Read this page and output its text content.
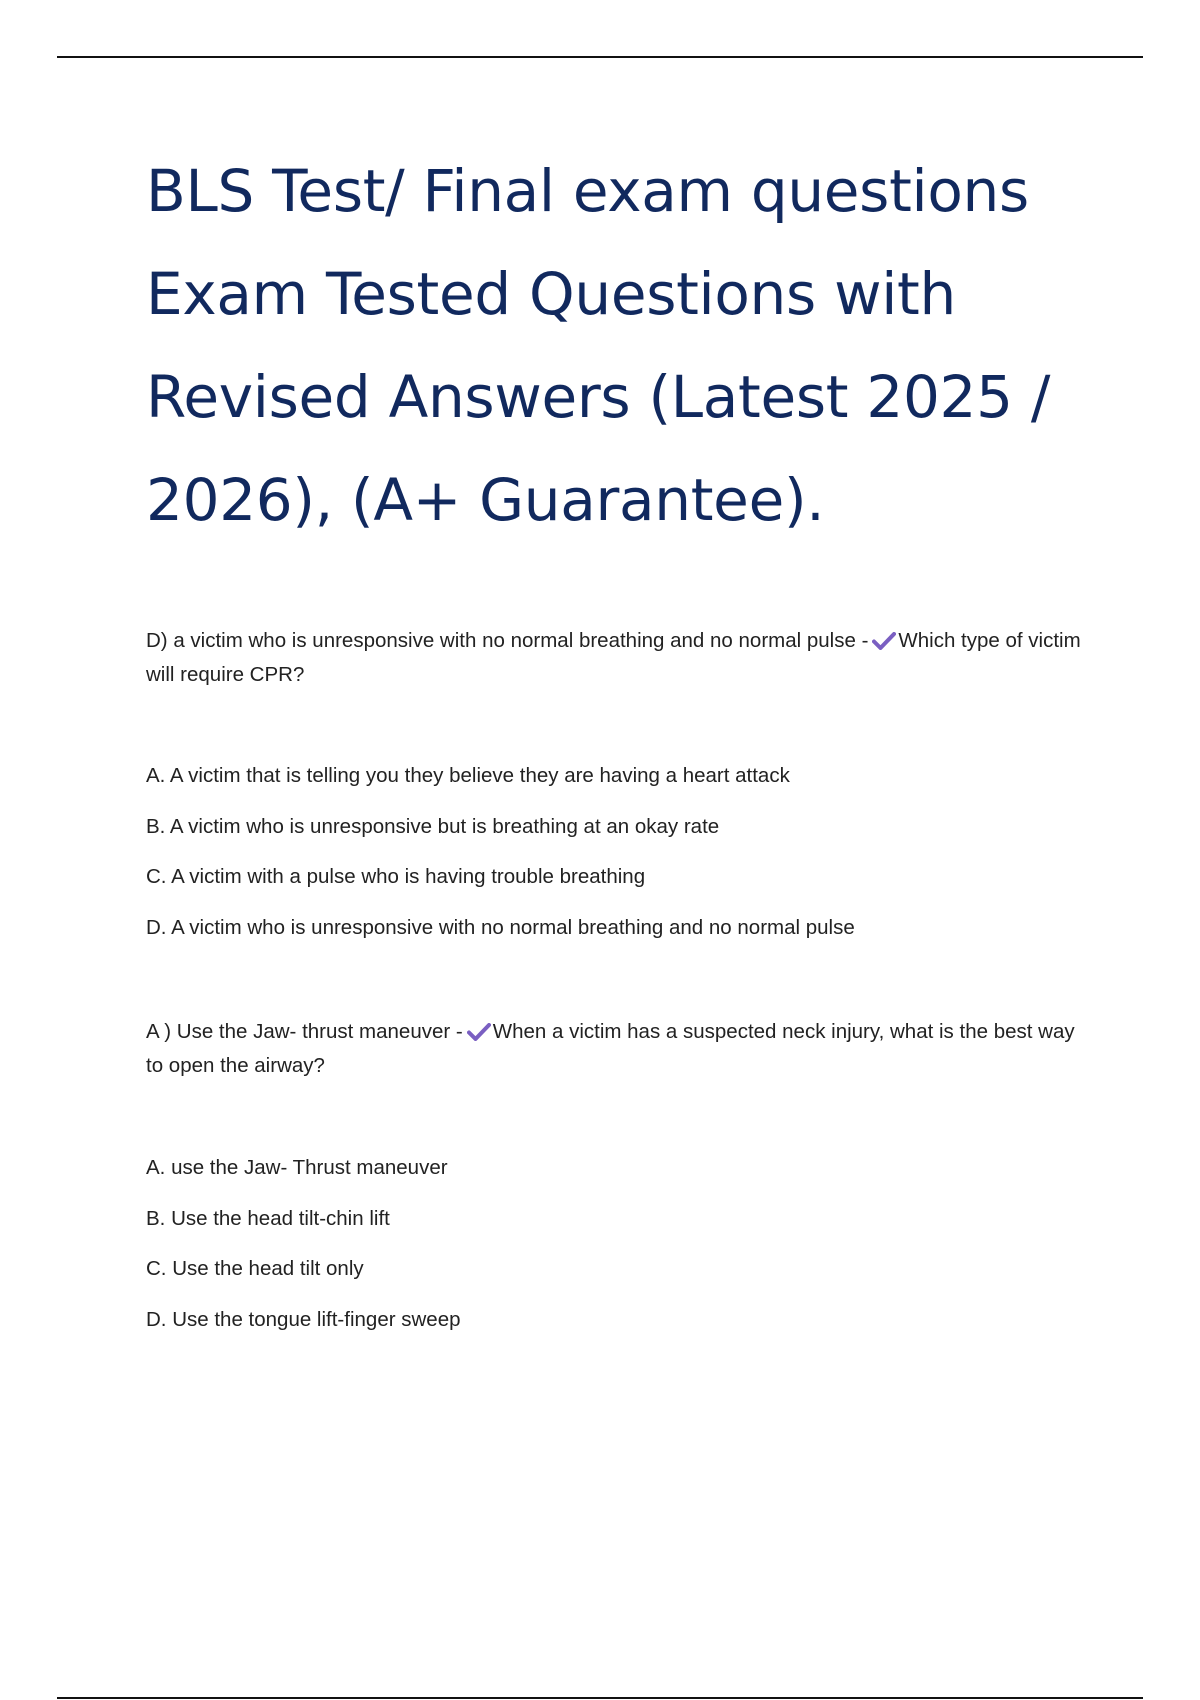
BLS Test/ Final exam questions Exam Tested Questions with Revised Answers (Latest 2025 / 2026), (A+ Guarantee).

D) a victim who is unresponsive with no normal breathing and no normal pulse - Which type of victim will require CPR?

A. A victim that is telling you they believe they are having a heart attack
B. A victim who is unresponsive but is breathing at an okay rate
C. A victim with a pulse who is having trouble breathing
D. A victim who is unresponsive with no normal breathing and no normal pulse

A ) Use the Jaw- thrust maneuver - When a victim has a suspected neck injury, what is the best way to open the airway?

A. use the Jaw- Thrust maneuver
B. Use the head tilt-chin lift
C. Use the head tilt only
D. Use the tongue lift-finger sweep
